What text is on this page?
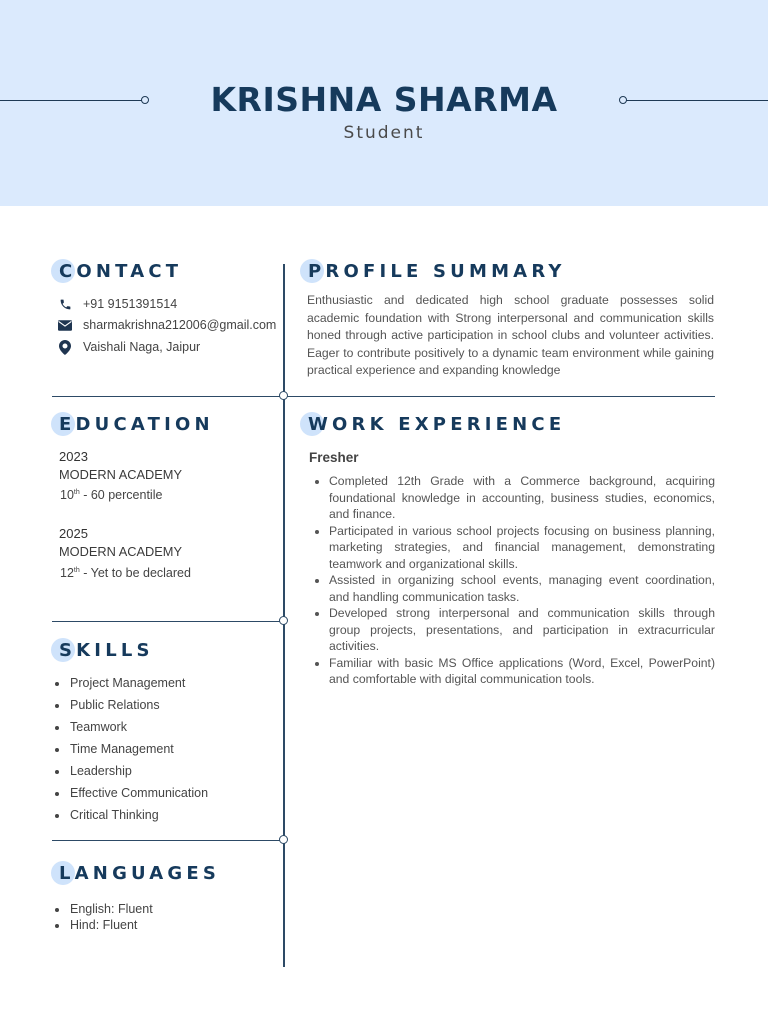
KRISHNA SHARMA
Student
CONTACT
+91 9151391514
sharmakrishna212006@gmail.com
Vaishali Naga, Jaipur
PROFILE SUMMARY

Enthusiastic and dedicated high school graduate possesses solid academic foundation with Strong interpersonal and communication skills honed through active participation in school clubs and volunteer activities. Eager to contribute positively to a dynamic team environment while gaining practical experience and expanding knowledge

EDUCATION
2023
MODERN ACADEMY
10th - 60 percentile
2025
MODERN ACADEMY
12th - Yet to be declared
WORK EXPERIENCE
Fresher
Completed 12th Grade with a Commerce background, acquiring foundational knowledge in accounting, business studies, economics, and finance.
Participated in various school projects focusing on business planning, marketing strategies, and financial management, demonstrating teamwork and organizational skills.
Assisted in organizing school events, managing event coordination, and handling communication tasks.
Developed strong interpersonal and communication skills through group projects, presentations, and participation in extracurricular activities.
Familiar with basic MS Office applications (Word, Excel, PowerPoint) and comfortable with digital communication tools.
SKILLS
Project Management
Public Relations
Teamwork
Time Management
Leadership
Effective Communication
Critical Thinking
LANGUAGES
English: Fluent
Hind: Fluent
